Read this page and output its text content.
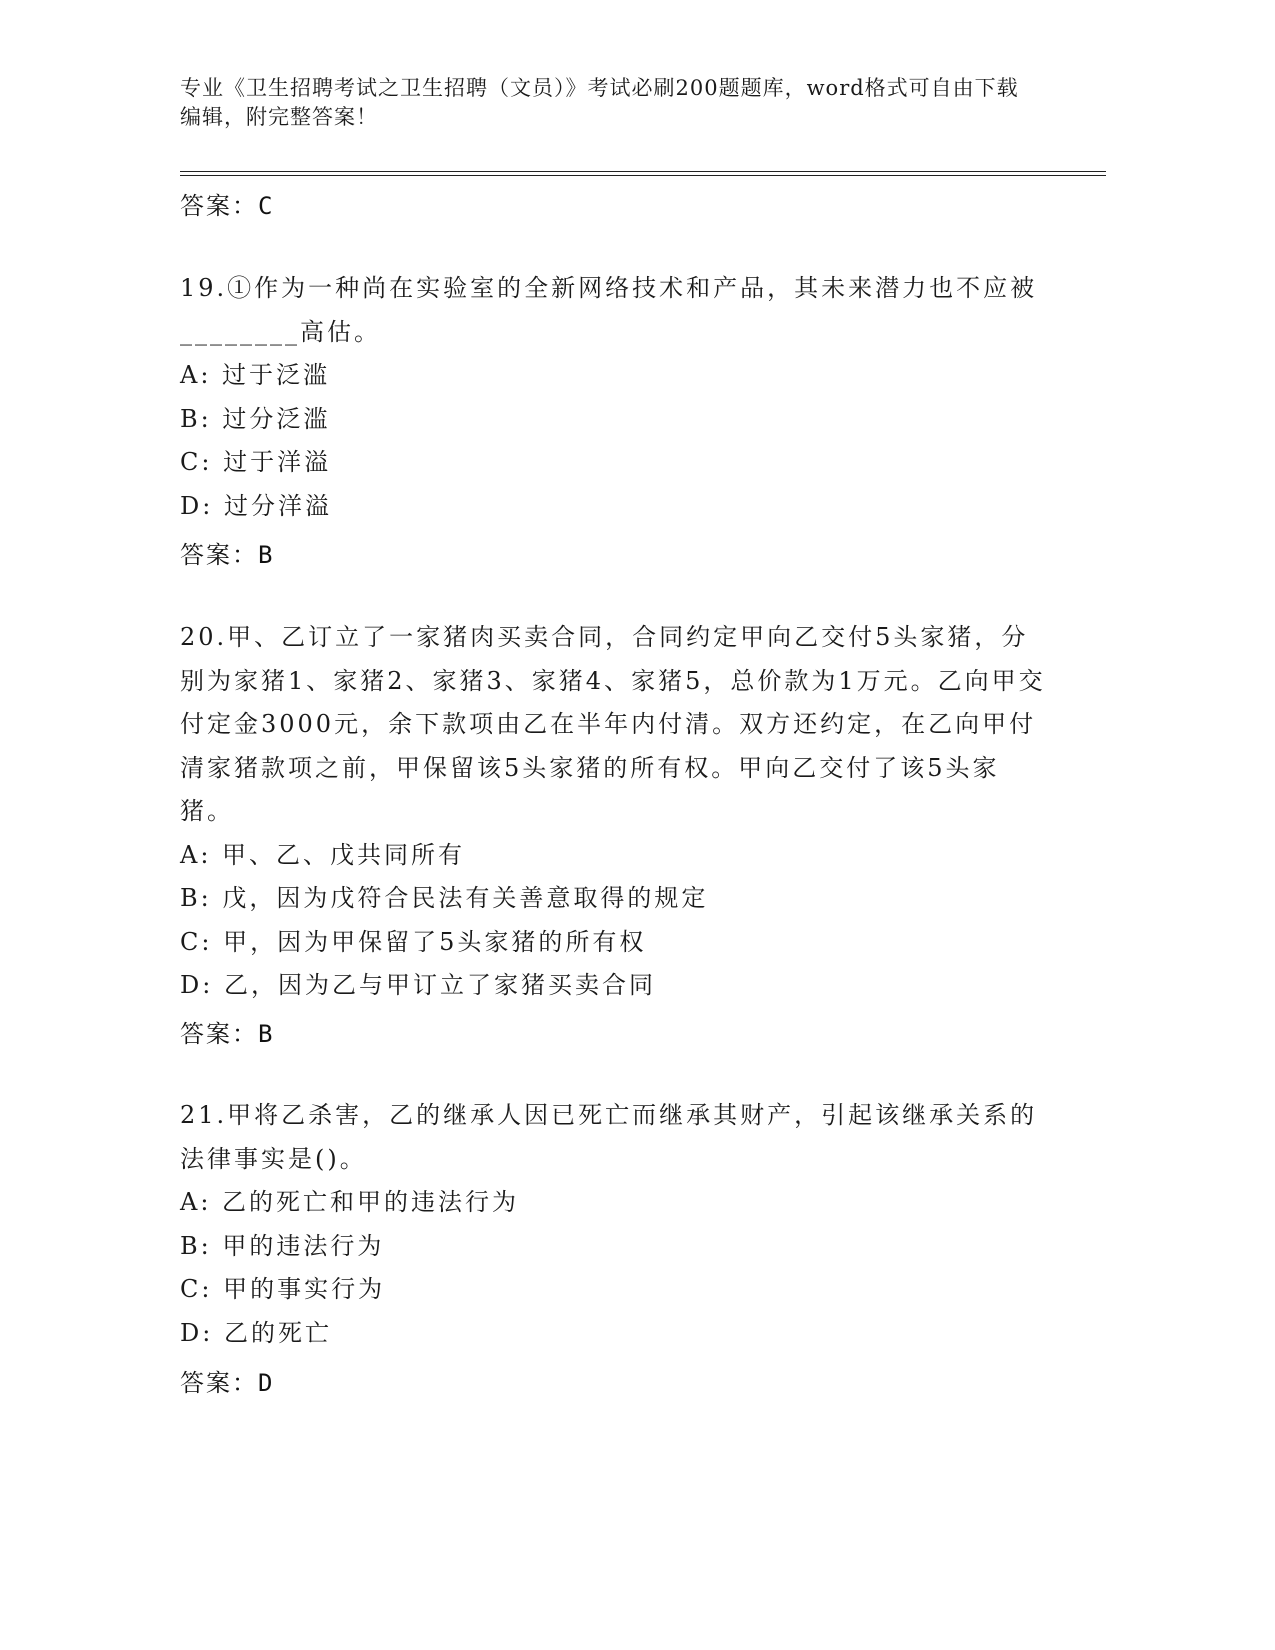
专业《卫生招聘考试之卫生招聘（文员）》考试必刷200题题库，word格式可自由下载编辑，附完整答案！
答案：C
19.①作为一种尚在实验室的全新网络技术和产品，其未来潜力也不应被________高估。
A: 过于泛滥
B: 过分泛滥
C: 过于洋溢
D: 过分洋溢
答案：B
20.甲、乙订立了一家猪肉买卖合同，合同约定甲向乙交付5头家猪，分别为家猪1、家猪2、家猪3、家猪4、家猪5，总价款为1万元。乙向甲交付定金3000元，余下款项由乙在半年内付清。双方还约定，在乙向甲付清家猪款项之前，甲保留该5头家猪的所有权。甲向乙交付了该5头家猪。
A: 甲、乙、戊共同所有
B: 戊，因为戊符合民法有关善意取得的规定
C: 甲，因为甲保留了5头家猪的所有权
D: 乙，因为乙与甲订立了家猪买卖合同
答案：B
21.甲将乙杀害，乙的继承人因已死亡而继承其财产，引起该继承关系的法律事实是()。
A: 乙的死亡和甲的违法行为
B: 甲的违法行为
C: 甲的事实行为
D: 乙的死亡
答案：D
